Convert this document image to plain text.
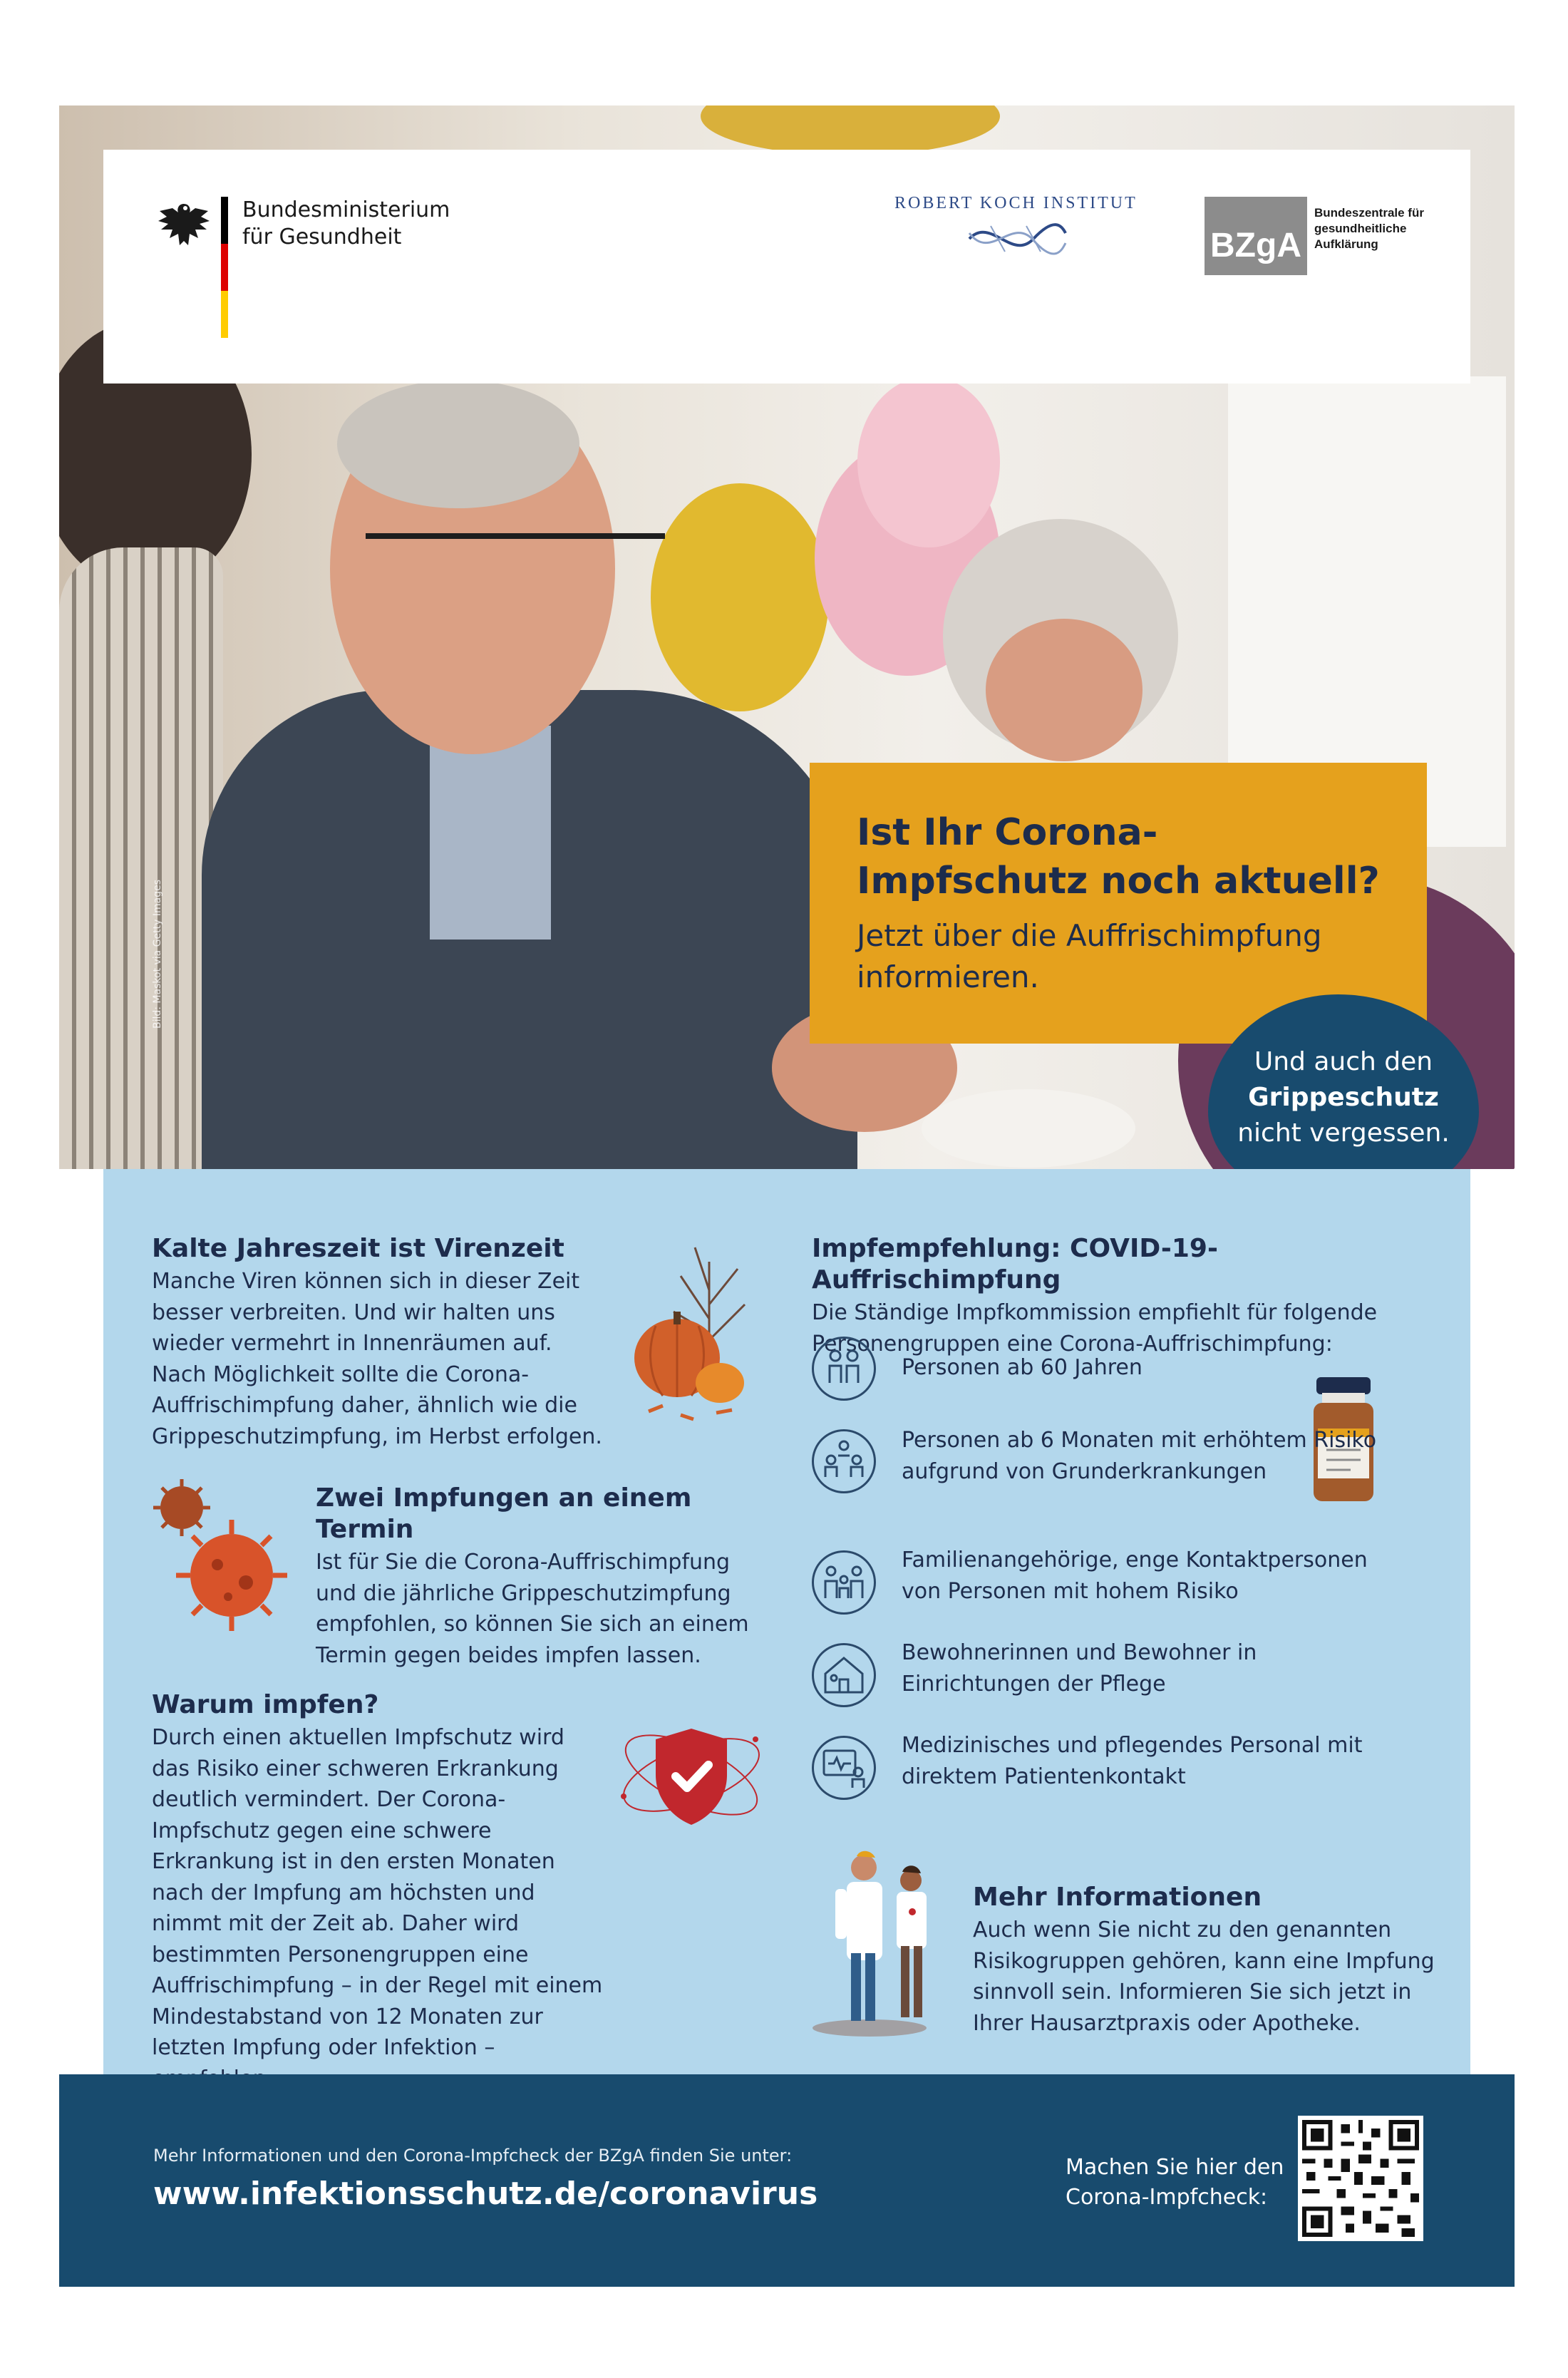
Bild: Maskot via Getty Images
Bundesministerium
für Gesundheit
ROBERT KOCH INSTITUT
BZgA
Bundeszentrale für gesundheitliche Aufklärung

Ist Ihr Corona-Impfschutz noch aktuell?

Jetzt über die Auffrischimpfung informieren.
Und auch den
Grippeschutz
nicht vergessen.
Kalte Jahreszeit ist Virenzeit

Manche Viren können sich in dieser Zeit besser verbreiten. Und wir halten uns wieder vermehrt in Innenräumen auf. Nach Möglichkeit sollte die Corona-Auffrischimpfung daher, ähnlich wie die Grippeschutzimpfung, im Herbst erfolgen.

Zwei Impfungen an einem Termin

Ist für Sie die Corona-Auffrischimpfung und die jährliche Grippeschutzimpfung empfohlen, so können Sie sich an einem Termin gegen beides impfen lassen.

Warum impfen?

Durch einen aktuellen Impfschutz wird das Risiko einer schweren Erkrankung deutlich vermindert. Der Corona-Impfschutz gegen eine schwere Erkrankung ist in den ersten Monaten nach der Impfung am höchsten und nimmt mit der Zeit ab. Daher wird bestimmten Personengruppen eine Auffrischimpfung – in der Regel mit einem Mindestabstand von 12 Monaten zur letzten Impfung oder Infektion –

Impfempfehlung: COVID-19-Auffrischimpfung

Die Ständige Impfkommission empfiehlt für folgende Personengruppen eine Corona-Auffrischimpfung:

Personen ab 60 Jahren
Personen ab 6 Monaten mit erhöhtem Risiko aufgrund von Grunderkrankungen
Familienangehörige, enge Kontaktpersonen von Personen mit hohem Risiko
Bewohnerinnen und Bewohner in Einrichtungen der Pflege
Medizinisches und pflegendes Personal mit direktem Patientenkontakt
Mehr Informationen

Auch wenn Sie nicht zu den genannten Risikogruppen gehören, kann eine Impfung sinnvoll sein. Informieren Sie sich jetzt in Ihrer Hausarztpraxis oder Apotheke.

Mehr Informationen und den Corona-Impfcheck der BZgA finden Sie unter:
www.infektionsschutz.de/coronavirus
Machen Sie hier den
Corona-Impfcheck:
